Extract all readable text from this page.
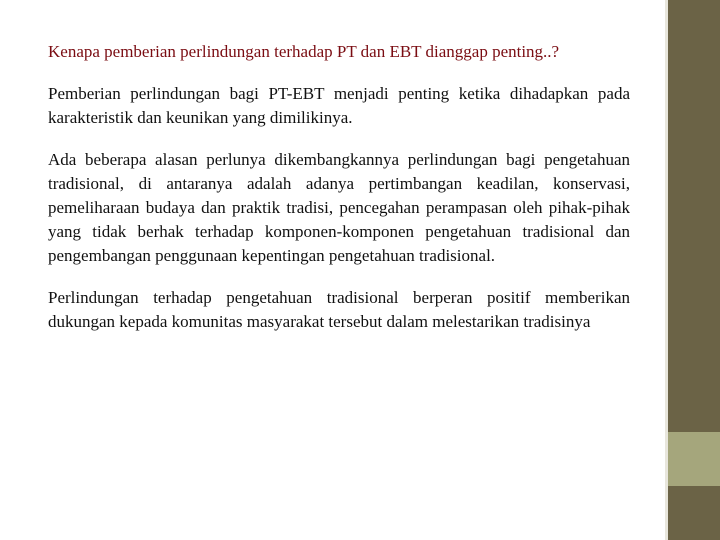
Kenapa pemberian perlindungan terhadap PT dan EBT dianggap penting..?

Pemberian perlindungan bagi PT-EBT menjadi penting ketika dihadapkan pada karakteristik dan keunikan yang dimilikinya.

Ada beberapa alasan perlunya dikembangkannya perlindungan bagi pengetahuan tradisional, di antaranya adalah adanya pertimbangan keadilan, konservasi, pemeliharaan budaya dan praktik tradisi, pencegahan perampasan oleh pihak-pihak yang tidak berhak terhadap komponen-komponen pengetahuan tradisional dan pengembangan penggunaan kepentingan pengetahuan tradisional.

Perlindungan terhadap pengetahuan tradisional berperan positif memberikan dukungan kepada komunitas masyarakat tersebut dalam melestarikan tradisinya
